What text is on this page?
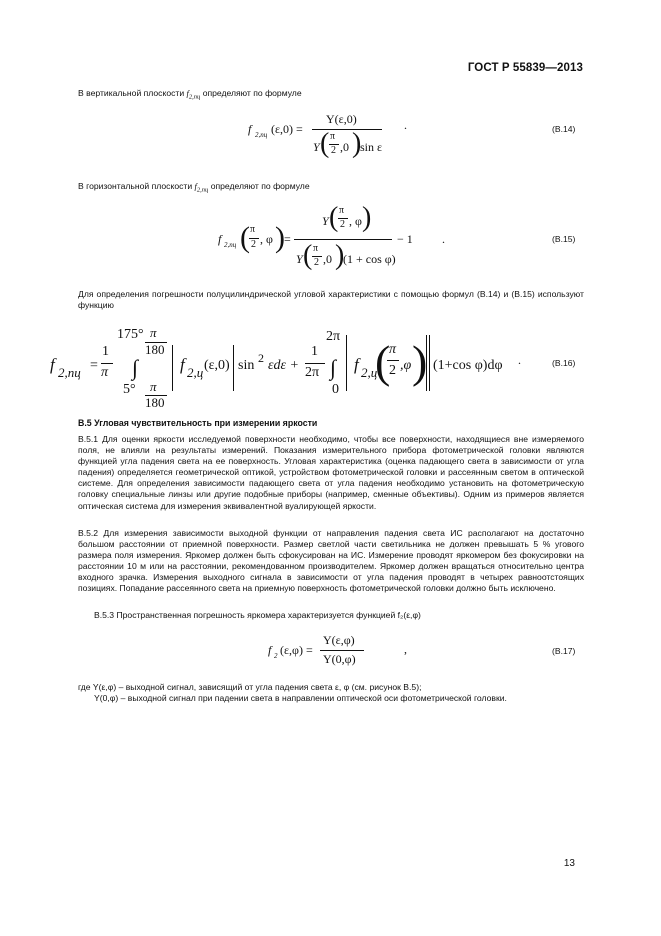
ГОСТ Р 55839—2013
В вертикальной плоскости $f_{2,пц}$ определяют по формуле
f 2,пц (ε,0) =
Y(ε,0)
Y ( π
2 ,0 )
sin ε
.	(В.14)
В горизонтальной плоскости $f_{2,пц}$ определяют по формуле
f 2,пц ( π
2 , φ ) =
Y ( π
2 , φ )
Y ( π
2 ,0 )
(1 + cos φ)
− 1 .	(В.15)
Для определения погрешности полуцилиндрической угловой характеристики с помощью формул (В.14) и (В.15) используют функцию
f 2,пц =
1
π
175° π
180
∫
5° π
180
f 2,ц (ε,0) sin 2 εdε +
1
2π
2π
∫
0
f 2,ц
(
π
2 ,φ ) (1+cos φ)dφ .	(В.16)
В.5 Угловая чувствительность при измерении яркости
В.5.1 Для оценки яркости исследуемой поверхности необходимо, чтобы все поверхности, находящиеся вне измеряемого поля, не влияли на результаты измерений. Показания измерительного прибора фотометрической головки являются функцией угла падения света на ее поверхность. Угловая характеристика (оценка падающего света в зависимости от угла падения) определяется геометрической оптикой, устройством фотометрической головки и рассеянным светом в оптической системе. Для определения зависимости падающего света от угла падения необходимо установить на фотометрическую головку специальные линзы или другие подобные приборы (например, сменные объективы). Одним из примеров является оптическая система для измерения эквивалентной вуалирующей яркости.
В.5.2 Для измерения зависимости выходной функции от направления падения света ИС располагают на достаточно большом расстоянии от приемной поверхности. Размер светлой части светильника не должен превышать 5 % угового размера поля измерения. Яркомер должен быть сфокусирован на ИС. Измерение проводят яркомером без фокусировки на расстоянии 10 м или на расстоянии, рекомендованном производителем. Яркомер должен вращаться относительно центра входного зрачка. Измерения выходного сигнала в зависимости от угла падения проводят в четырех равноотстоящих позициях. Попадание рассеянного света на приемную поверхность фотометрической головки должно быть исключено.
В.5.3 Пространственная погрешность яркомера характеризуется функцией f₂(ε,φ)
f 2 (ε,φ) =
Y(ε,φ)
Y(0,φ)
,	(В.17)
где Y(ε,φ) – выходной сигнал, зависящий от угла падения света ε, φ (см. рисунок В.5);
Y(0,φ) – выходной сигнал при падении света в направлении оптической оси фотометрической головки.
13
